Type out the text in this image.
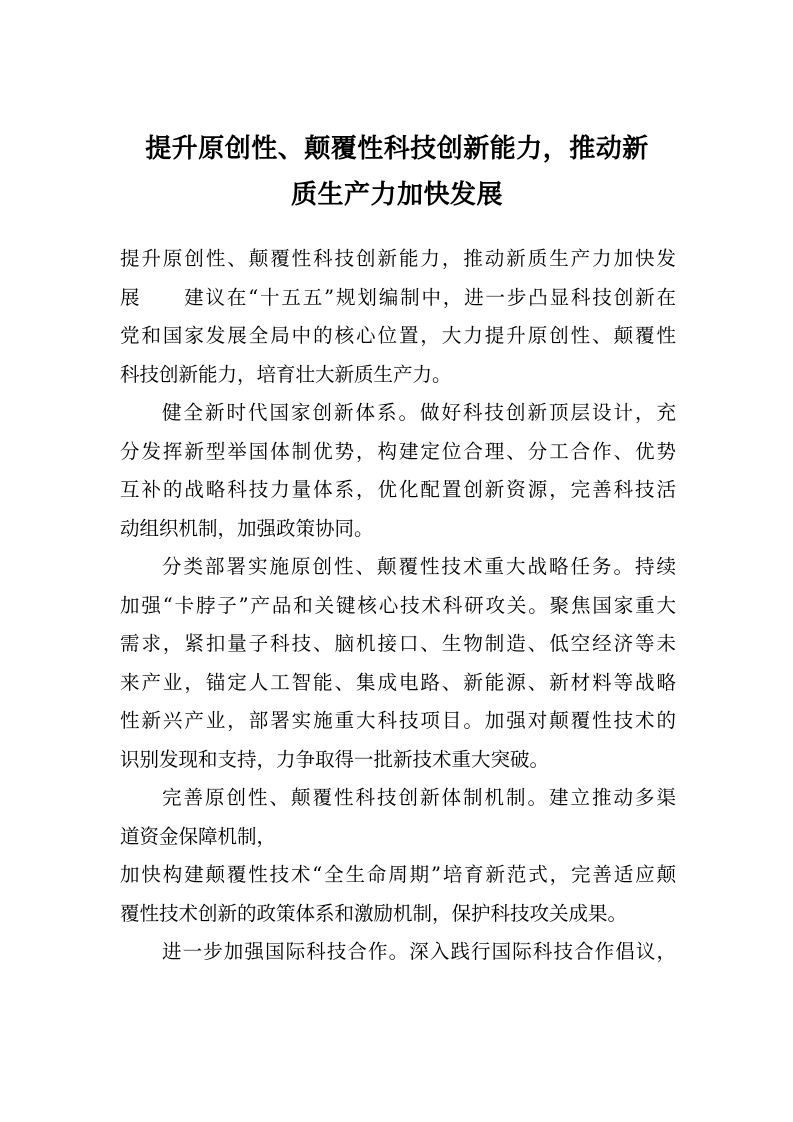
提升原创性、颠覆性科技创新能力，推动新
质生产力加快发展
提升原创性、颠覆性科技创新能力，推动新质生产力加快发
展　　建议在“十五五”规划编制中，进一步凸显科技创新在
党和国家发展全局中的核心位置，大力提升原创性、颠覆性
科技创新能力，培育壮大新质生产力。
健全新时代国家创新体系。做好科技创新顶层设计，充
分发挥新型举国体制优势，构建定位合理、分工合作、优势
互补的战略科技力量体系，优化配置创新资源，完善科技活
动组织机制，加强政策协同。
分类部署实施原创性、颠覆性技术重大战略任务。持续
加强“卡脖子”产品和关键核心技术科研攻关。聚焦国家重大
需求，紧扣量子科技、脑机接口、生物制造、低空经济等未
来产业，锚定人工智能、集成电路、新能源、新材料等战略
性新兴产业，部署实施重大科技项目。加强对颠覆性技术的
识别发现和支持，力争取得一批新技术重大突破。
完善原创性、颠覆性科技创新体制机制。建立推动多渠
道资金保障机制，
加快构建颠覆性技术“全生命周期”培育新范式，完善适应颠
覆性技术创新的政策体系和激励机制，保护科技攻关成果。
进一步加强国际科技合作。深入践行国际科技合作倡议，
